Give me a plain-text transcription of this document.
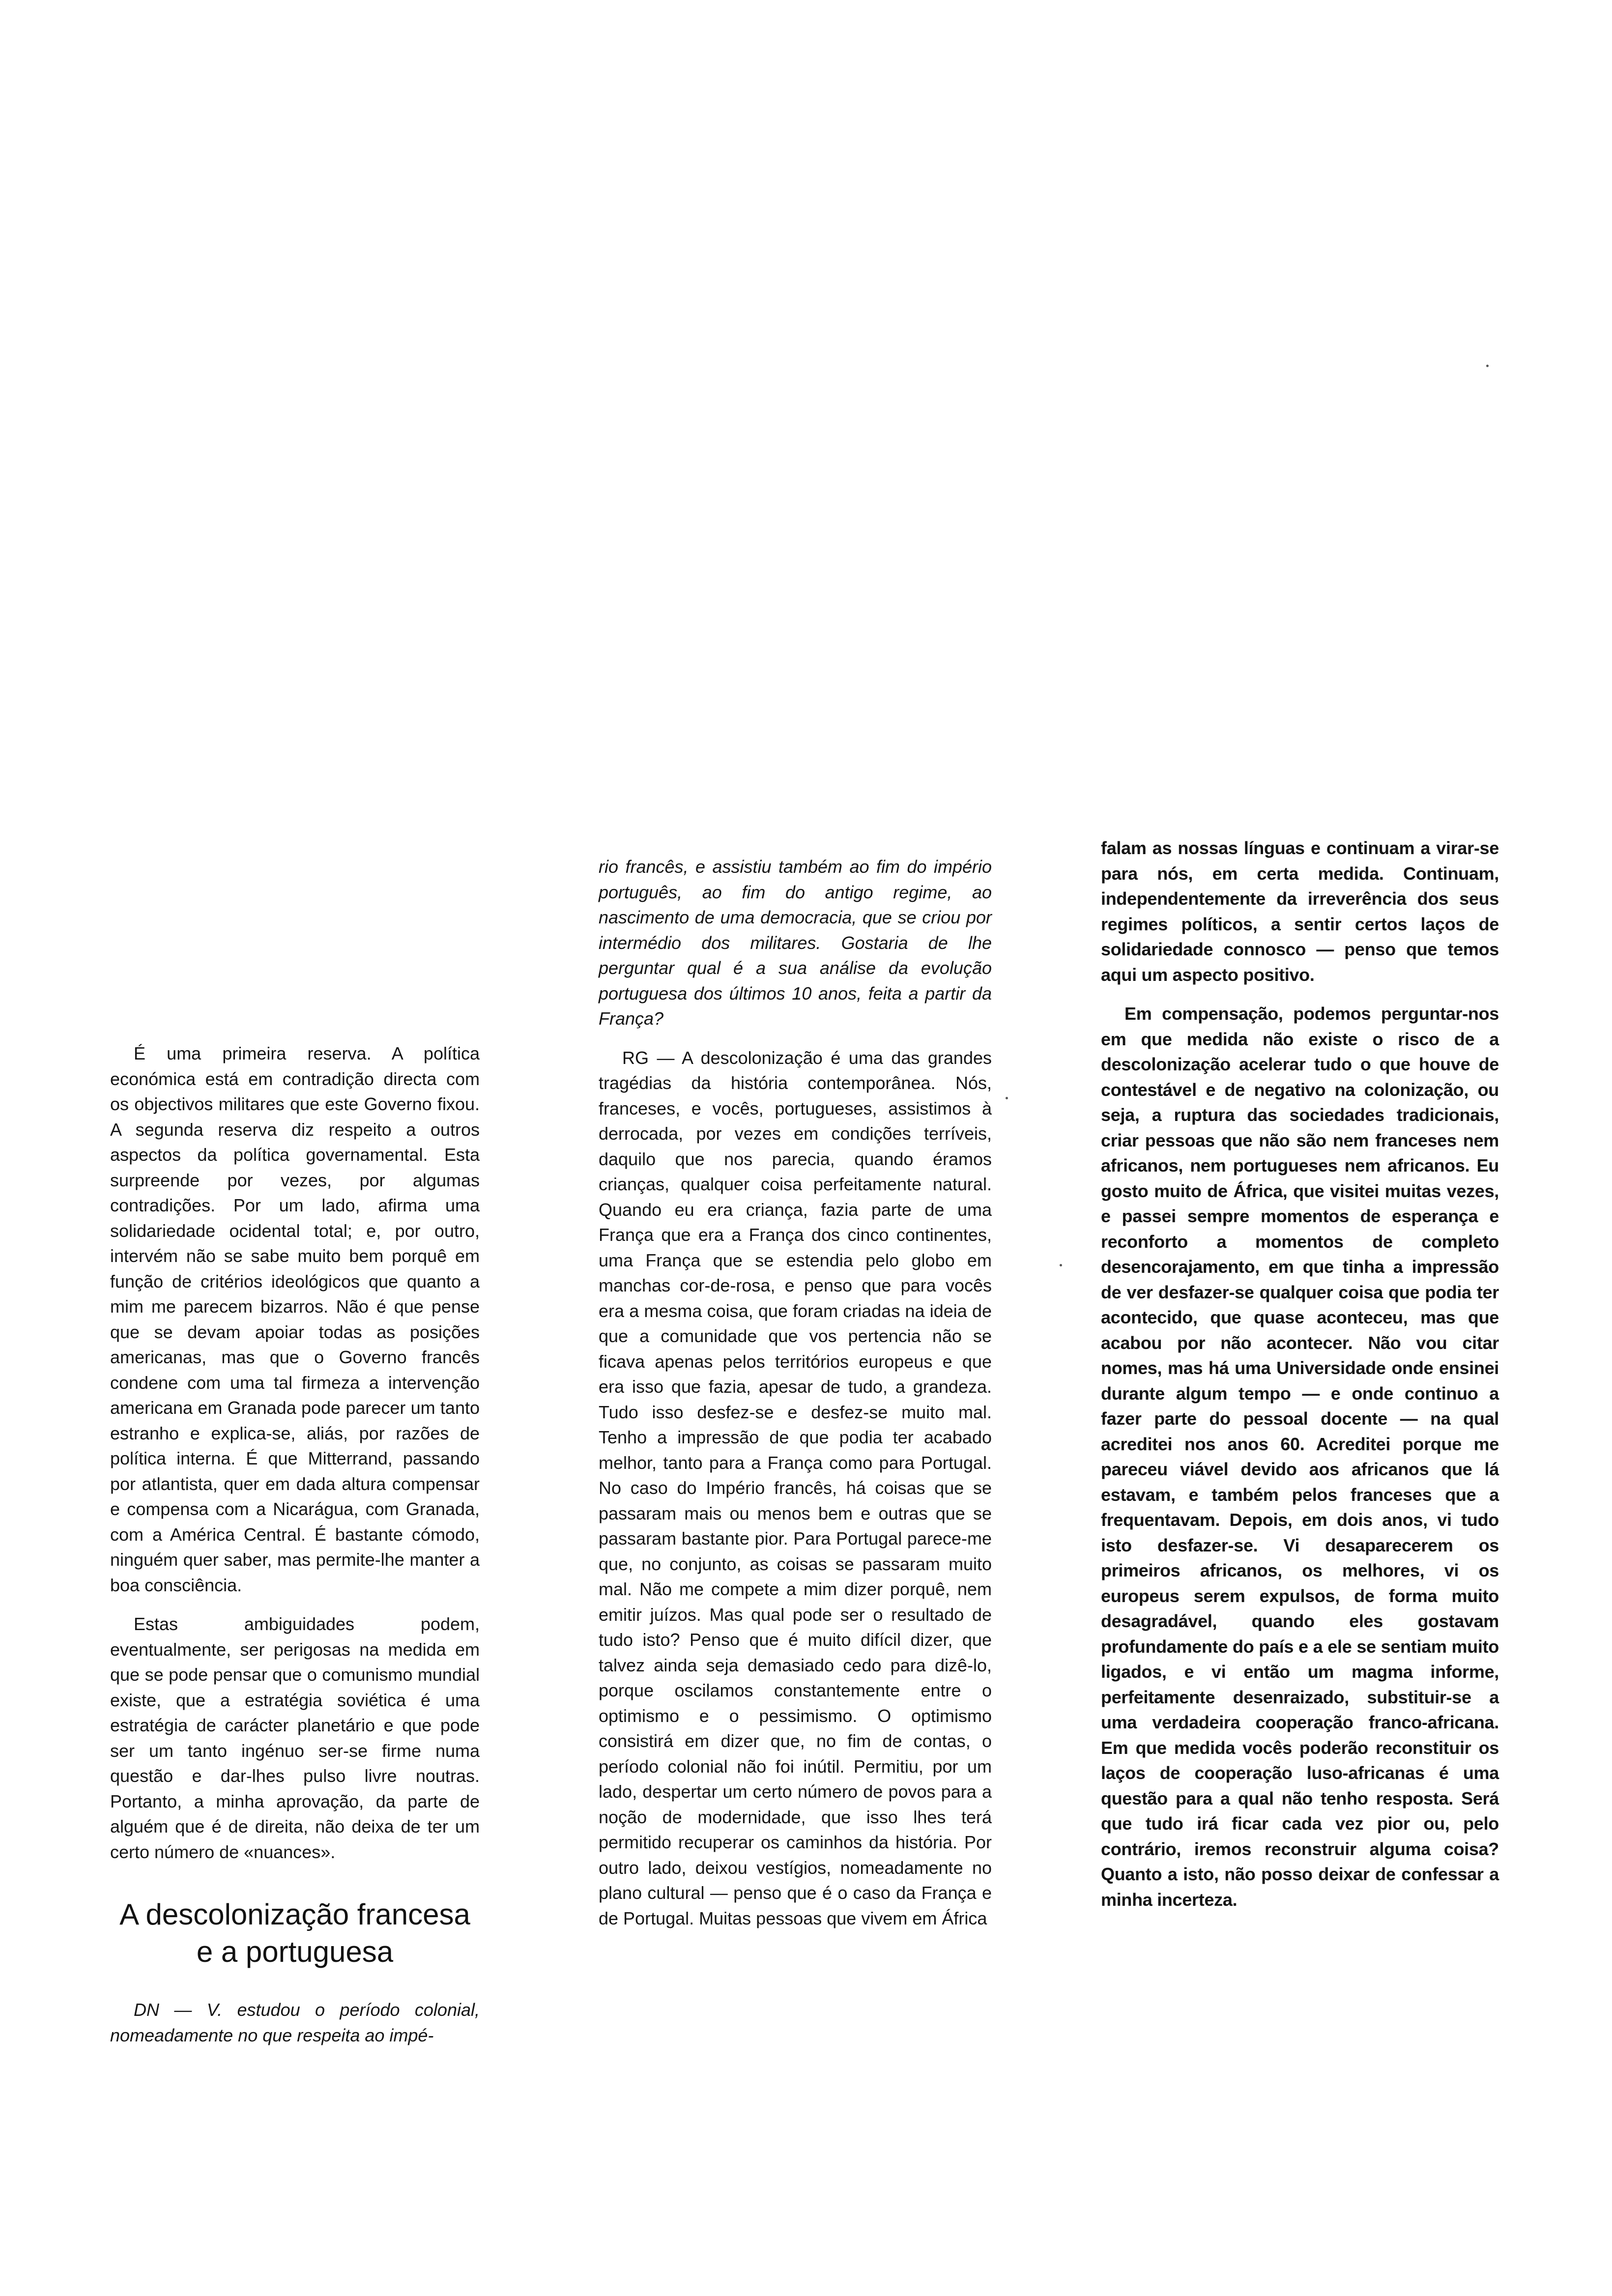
É uma primeira reserva. A política económica está em contradição directa com os objectivos militares que este Governo fixou. A segunda reserva diz respeito a outros aspectos da política governamental. Esta surpreende por vezes, por algumas contradições. Por um lado, afirma uma solidariedade ocidental total; e, por outro, intervém não se sabe muito bem porquê em função de critérios ideológicos que quanto a mim me parecem bizarros. Não é que pense que se devam apoiar todas as posições americanas, mas que o Governo francês condene com uma tal firmeza a intervenção americana em Granada pode parecer um tanto estranho e explica-se, aliás, por razões de política interna. É que Mitterrand, passando por atlantista, quer em dada altura compensar e compensa com a Nicarágua, com Granada, com a América Central. É bastante cómodo, ninguém quer saber, mas permite-lhe manter a boa consciência.

Estas ambiguidades podem, eventualmente, ser perigosas na medida em que se pode pensar que o comunismo mundial existe, que a estratégia soviética é uma estratégia de carácter planetário e que pode ser um tanto ingénuo ser-se firme numa questão e dar-lhes pulso livre noutras. Portanto, a minha aprovação, da parte de alguém que é de direita, não deixa de ter um certo número de «nuances».

A descolonização francesa
e a portuguesa

DN — V. estudou o período colonial, nomeadamente no que respeita ao impé-

rio francês, e assistiu também ao fim do império português, ao fim do antigo regime, ao nascimento de uma democracia, que se criou por intermédio dos militares. Gostaria de lhe perguntar qual é a sua análise da evolução portuguesa dos últimos 10 anos, feita a partir da França?

RG — A descolonização é uma das grandes tragédias da história contemporânea. Nós, franceses, e vocês, portugueses, assistimos à derrocada, por vezes em condições terríveis, daquilo que nos parecia, quando éramos crianças, qualquer coisa perfeitamente natural. Quando eu era criança, fazia parte de uma França que era a França dos cinco continentes, uma França que se estendia pelo globo em manchas cor-de-rosa, e penso que para vocês era a mesma coisa, que foram criadas na ideia de que a comunidade que vos pertencia não se ficava apenas pelos territórios europeus e que era isso que fazia, apesar de tudo, a grandeza. Tudo isso desfez-se e desfez-se muito mal. Tenho a impressão de que podia ter acabado melhor, tanto para a França como para Portugal. No caso do Império francês, há coisas que se passaram mais ou menos bem e outras que se passaram bastante pior. Para Portugal parece-me que, no conjunto, as coisas se passaram muito mal. Não me compete a mim dizer porquê, nem emitir juízos. Mas qual pode ser o resultado de tudo isto? Penso que é muito difícil dizer, que talvez ainda seja demasiado cedo para dizê-lo, porque oscilamos constantemente entre o optimismo e o pessimismo. O optimismo consistirá em dizer que, no fim de contas, o período colonial não foi inútil. Permitiu, por um lado, despertar um certo número de povos para a noção de modernidade, que isso lhes terá permitido recuperar os caminhos da história. Por outro lado, deixou vestígios, nomeadamente no plano cultural — penso que é o caso da França e de Portugal. Muitas pessoas que vivem em África

falam as nossas línguas e continuam a virar-se para nós, em certa medida. Continuam, independentemente da irreverência dos seus regimes políticos, a sentir certos laços de solidariedade connosco — penso que temos aqui um aspecto positivo.

Em compensação, podemos perguntar-nos em que medida não existe o risco de a descolonização acelerar tudo o que houve de contestável e de negativo na colonização, ou seja, a ruptura das sociedades tradicionais, criar pessoas que não são nem franceses nem africanos, nem portugueses nem africanos. Eu gosto muito de África, que visitei muitas vezes, e passei sempre momentos de esperança e reconforto a momentos de completo desencorajamento, em que tinha a impressão de ver desfazer-se qualquer coisa que podia ter acontecido, que quase aconteceu, mas que acabou por não acontecer. Não vou citar nomes, mas há uma Universidade onde ensinei durante algum tempo — e onde continuo a fazer parte do pessoal docente — na qual acreditei nos anos 60. Acreditei porque me pareceu viável devido aos africanos que lá estavam, e também pelos franceses que a frequentavam. Depois, em dois anos, vi tudo isto desfazer-se. Vi desaparecerem os primeiros africanos, os melhores, vi os europeus serem expulsos, de forma muito desagradável, quando eles gostavam profundamente do país e a ele se sentiam muito ligados, e vi então um magma informe, perfeitamente desenraizado, substituir-se a uma verdadeira cooperação franco-africana. Em que medida vocês poderão reconstituir os laços de cooperação luso-africanas é uma questão para a qual não tenho resposta. Será que tudo irá ficar cada vez pior ou, pelo contrário, iremos reconstruir alguma coisa? Quanto a isto, não posso deixar de confessar a minha incerteza.
